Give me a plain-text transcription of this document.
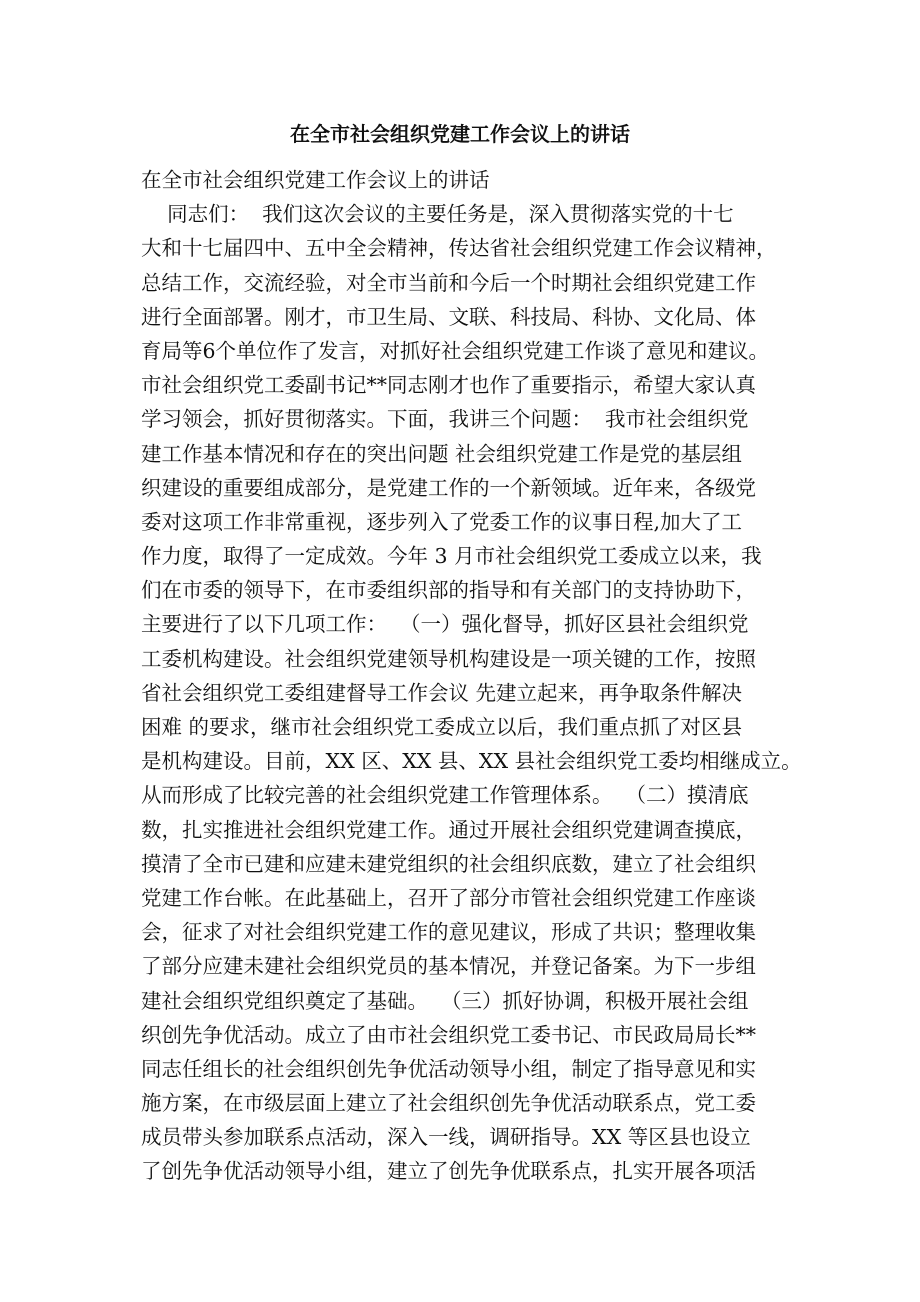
在全市社会组织党建工作会议上的讲话
在全市社会组织党建工作会议上的讲话
同志们：  我们这次会议的主要任务是，深入贯彻落实党的十七
大和十七届四中、五中全会精神，传达省社会组织党建工作会议精神，
总结工作，交流经验，对全市当前和今后一个时期社会组织党建工作
进行全面部署。刚才，市卫生局、文联、科技局、科协、文化局、体
育局等6个单位作了发言，对抓好社会组织党建工作谈了意见和建议。
市社会组织党工委副书记**同志刚才也作了重要指示，希望大家认真
学习领会，抓好贯彻落实。下面，我讲三个问题：  我市社会组织党
建工作基本情况和存在的突出问题 社会组织党建工作是党的基层组
织建设的重要组成部分，是党建工作的一个新领域。近年来，各级党
委对这项工作非常重视，逐步列入了党委工作的议事日程,加大了工
作力度，取得了一定成效。今年 3 月市社会组织党工委成立以来，我
们在市委的领导下，在市委组织部的指导和有关部门的支持协助下，
主要进行了以下几项工作：  （一）强化督导，抓好区县社会组织党
工委机构建设。社会组织党建领导机构建设是一项关键的工作，按照
省社会组织党工委组建督导工作会议 先建立起来，再争取条件解决
困难 的要求，继市社会组织党工委成立以后，我们重点抓了对区县
是机构建设。目前，XX 区、XX 县、XX 县社会组织党工委均相继成立。
从而形成了比较完善的社会组织党建工作管理体系。  （二）摸清底
数，扎实推进社会组织党建工作。通过开展社会组织党建调查摸底，
摸清了全市已建和应建未建党组织的社会组织底数，建立了社会组织
党建工作台帐。在此基础上，召开了部分市管社会组织党建工作座谈
会，征求了对社会组织党建工作的意见建议，形成了共识；整理收集
了部分应建未建社会组织党员的基本情况，并登记备案。为下一步组
建社会组织党组织奠定了基础。  （三）抓好协调，积极开展社会组
织创先争优活动。成立了由市社会组织党工委书记、市民政局局长**
同志任组长的社会组织创先争优活动领导小组，制定了指导意见和实
施方案，在市级层面上建立了社会组织创先争优活动联系点，党工委
成员带头参加联系点活动，深入一线，调研指导。XX 等区县也设立
了创先争优活动领导小组，建立了创先争优联系点，扎实开展各项活
